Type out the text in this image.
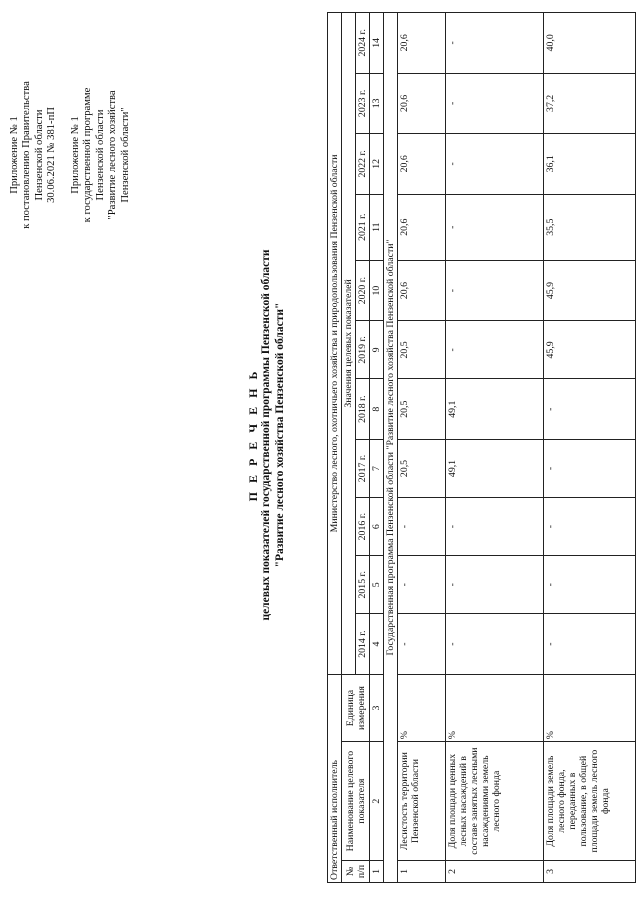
Приложение № 1 к постановлению Правительства Пензенской области 30.06.2021 № 381-пП Приложение № 1 к государственной программе Пензенской области "Развитие лесного хозяйства Пензенской области"
П Е Р Е Ч Е Н Ь целевых показателей государственной программы Пензенской области "Развитие лесного хозяйства Пензенской области"
Ответственный исполнитель			Министерство лесного, охотничьего хозяйства и природопользования Пензенской области										
№ п/п	Наименование целевого показателя	Единица измерения	Значения целевых показателей										
			2014 г.	2015 г.	2016 г.	2017 г.	2018 г.	2019 г.	2020 г.	2021 г.	2022 г.	2023 г.	2024 г.
1	2	3	4	5	6	7	8	9	10	11	12	13	14
Государственная программа Пензенской области "Развитие лесного хозяйства Пензенской области"													
1	Лесистость территории Пензенской области	%	-	-	-	20,5	20,5	20,5	20,6	20,6	20,6	20,6	20,6
2	Доля площади ценных лесных насаждений в составе занятых лесными насаждениями земель лесного фонда	%	-	-	-	49,1	49,1	-	-	-	-	-	-
3	Доля площади земель лесного фонда, переданных в пользование, в общей площади земель лесного фонда	%	-	-	-	-	-	45,9	45,9	35,5	36,1	37,2	40,0
